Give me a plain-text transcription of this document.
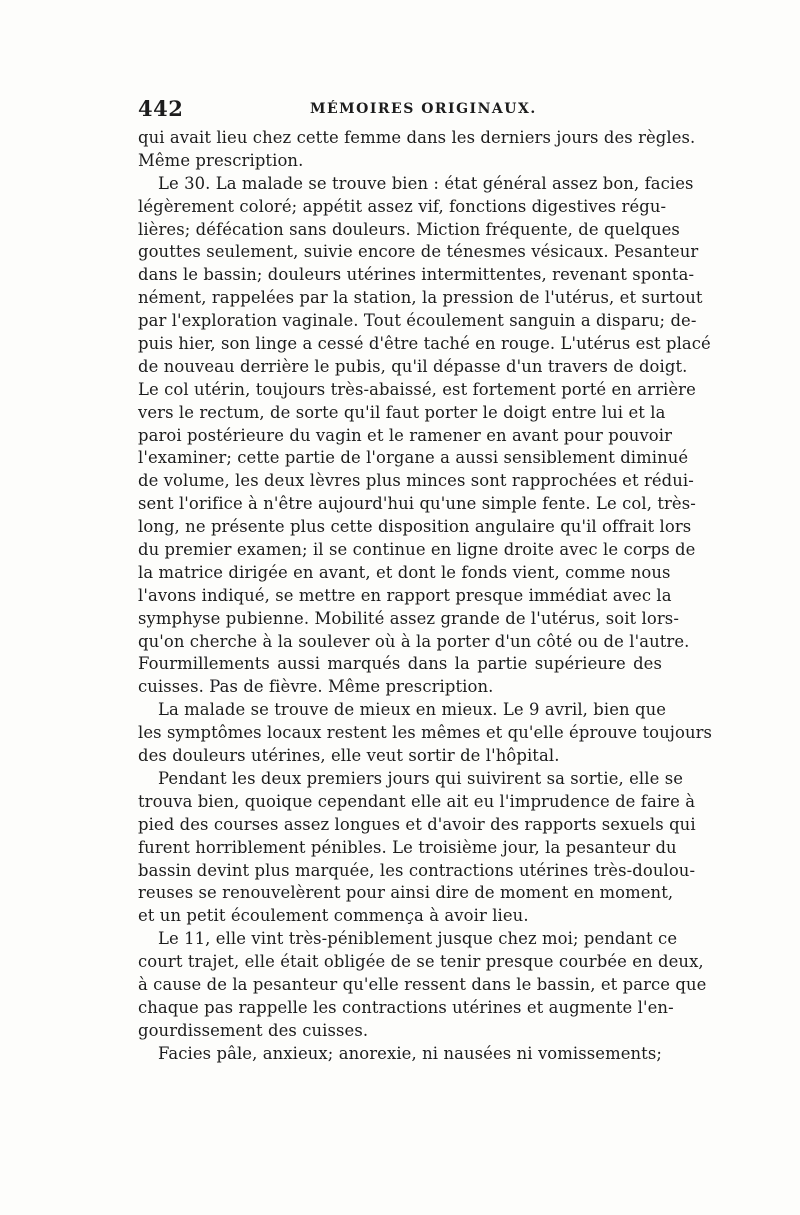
442	MÉMOIRES ORIGINAUX.
qui avait lieu chez cette femme dans les derniers jours des règles.
Même prescription.
Le 30. La malade se trouve bien : état général assez bon, facies
légèrement coloré; appétit assez vif, fonctions digestives régu-
lières; défécation sans douleurs. Miction fréquente, de quelques
gouttes seulement, suivie encore de ténesmes vésicaux. Pesanteur
dans le bassin; douleurs utérines intermittentes, revenant sponta-
nément, rappelées par la station, la pression de l'utérus, et surtout
par l'exploration vaginale. Tout écoulement sanguin a disparu; de-
puis hier, son linge a cessé d'être taché en rouge. L'utérus est placé
de nouveau derrière le pubis, qu'il dépasse d'un travers de doigt.
Le col utérin, toujours très-abaissé, est fortement porté en arrière
vers le rectum, de sorte qu'il faut porter le doigt entre lui et la
paroi postérieure du vagin et le ramener en avant pour pouvoir
l'examiner; cette partie de l'organe a aussi sensiblement diminué
de volume, les deux lèvres plus minces sont rapprochées et rédui-
sent l'orifice à n'être aujourd'hui qu'une simple fente. Le col, très-
long, ne présente plus cette disposition angulaire qu'il offrait lors
du premier examen; il se continue en ligne droite avec le corps de
la matrice dirigée en avant, et dont le fonds vient, comme nous
l'avons indiqué, se mettre en rapport presque immédiat avec la
symphyse pubienne. Mobilité assez grande de l'utérus, soit lors-
qu'on cherche à la soulever où à la porter d'un côté ou de l'autre.
Fourmillements aussi marqués dans la partie supérieure des
cuisses. Pas de fièvre. Même prescription.
La malade se trouve de mieux en mieux. Le 9 avril, bien que
les symptômes locaux restent les mêmes et qu'elle éprouve toujours
des douleurs utérines, elle veut sortir de l'hôpital.
Pendant les deux premiers jours qui suivirent sa sortie, elle se
trouva bien, quoique cependant elle ait eu l'imprudence de faire à
pied des courses assez longues et d'avoir des rapports sexuels qui
furent horriblement pénibles. Le troisième jour, la pesanteur du
bassin devint plus marquée, les contractions utérines très-doulou-
reuses se renouvelèrent pour ainsi dire de moment en moment,
et un petit écoulement commença à avoir lieu.
Le 11, elle vint très-péniblement jusque chez moi; pendant ce
court trajet, elle était obligée de se tenir presque courbée en deux,
à cause de la pesanteur qu'elle ressent dans le bassin, et parce que
chaque pas rappelle les contractions utérines et augmente l'en-
gourdissement des cuisses.
Facies pâle, anxieux; anorexie, ni nausées ni vomissements;
